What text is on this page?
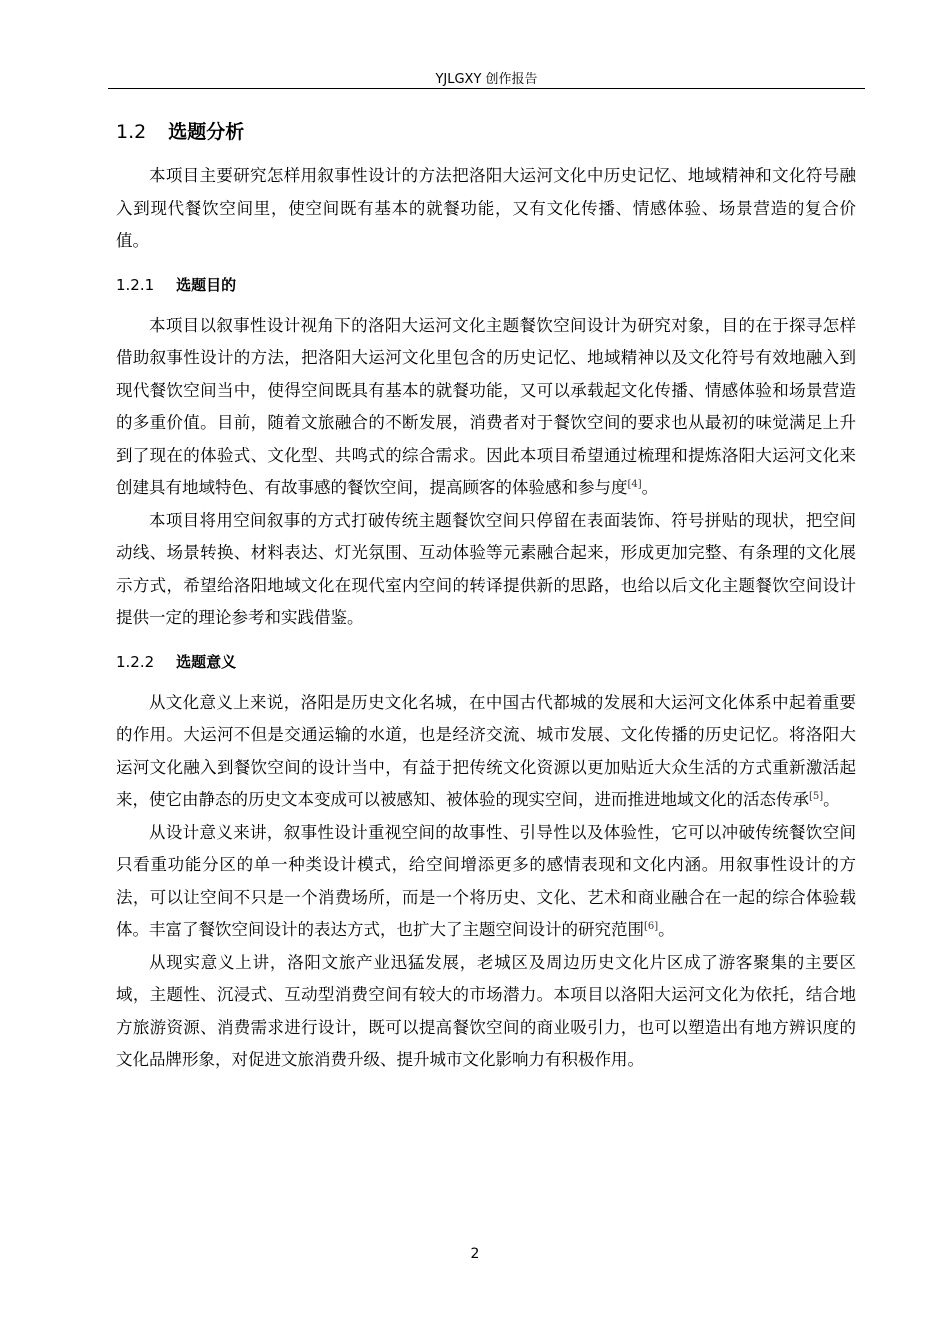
YJLGXY 创作报告
1.2 选题分析

本项目主要研究怎样用叙事性设计的方法把洛阳大运河文化中历史记忆、地域精神和文化符号融入到现代餐饮空间里，使空间既有基本的就餐功能，又有文化传播、情感体验、场景营造的复合价值。

1.2.1 选题目的

本项目以叙事性设计视角下的洛阳大运河文化主题餐饮空间设计为研究对象，目的在于探寻怎样借助叙事性设计的方法，把洛阳大运河文化里包含的历史记忆、地域精神以及文化符号有效地融入到现代餐饮空间当中，使得空间既具有基本的就餐功能，又可以承载起文化传播、情感体验和场景营造的多重价值。目前，随着文旅融合的不断发展，消费者对于餐饮空间的要求也从最初的味觉满足上升到了现在的体验式、文化型、共鸣式的综合需求。因此本项目希望通过梳理和提炼洛阳大运河文化来创建具有地域特色、有故事感的餐饮空间，提高顾客的体验感和参与度[4]。

本项目将用空间叙事的方式打破传统主题餐饮空间只停留在表面装饰、符号拼贴的现状，把空间动线、场景转换、材料表达、灯光氛围、互动体验等元素融合起来，形成更加完整、有条理的文化展示方式，希望给洛阳地域文化在现代室内空间的转译提供新的思路，也给以后文化主题餐饮空间设计提供一定的理论参考和实践借鉴。

1.2.2 选题意义

从文化意义上来说，洛阳是历史文化名城，在中国古代都城的发展和大运河文化体系中起着重要的作用。大运河不但是交通运输的水道，也是经济交流、城市发展、文化传播的历史记忆。将洛阳大运河文化融入到餐饮空间的设计当中，有益于把传统文化资源以更加贴近大众生活的方式重新激活起来，使它由静态的历史文本变成可以被感知、被体验的现实空间，进而推进地域文化的活态传承[5]。

从设计意义来讲，叙事性设计重视空间的故事性、引导性以及体验性，它可以冲破传统餐饮空间只看重功能分区的单一种类设计模式，给空间增添更多的感情表现和文化内涵。用叙事性设计的方法，可以让空间不只是一个消费场所，而是一个将历史、文化、艺术和商业融合在一起的综合体验载体。丰富了餐饮空间设计的表达方式，也扩大了主题空间设计的研究范围[6]。

从现实意义上讲，洛阳文旅产业迅猛发展，老城区及周边历史文化片区成了游客聚集的主要区域，主题性、沉浸式、互动型消费空间有较大的市场潜力。本项目以洛阳大运河文化为依托，结合地方旅游资源、消费需求进行设计，既可以提高餐饮空间的商业吸引力，也可以塑造出有地方辨识度的文化品牌形象，对促进文旅消费升级、提升城市文化影响力有积极作用。

2
